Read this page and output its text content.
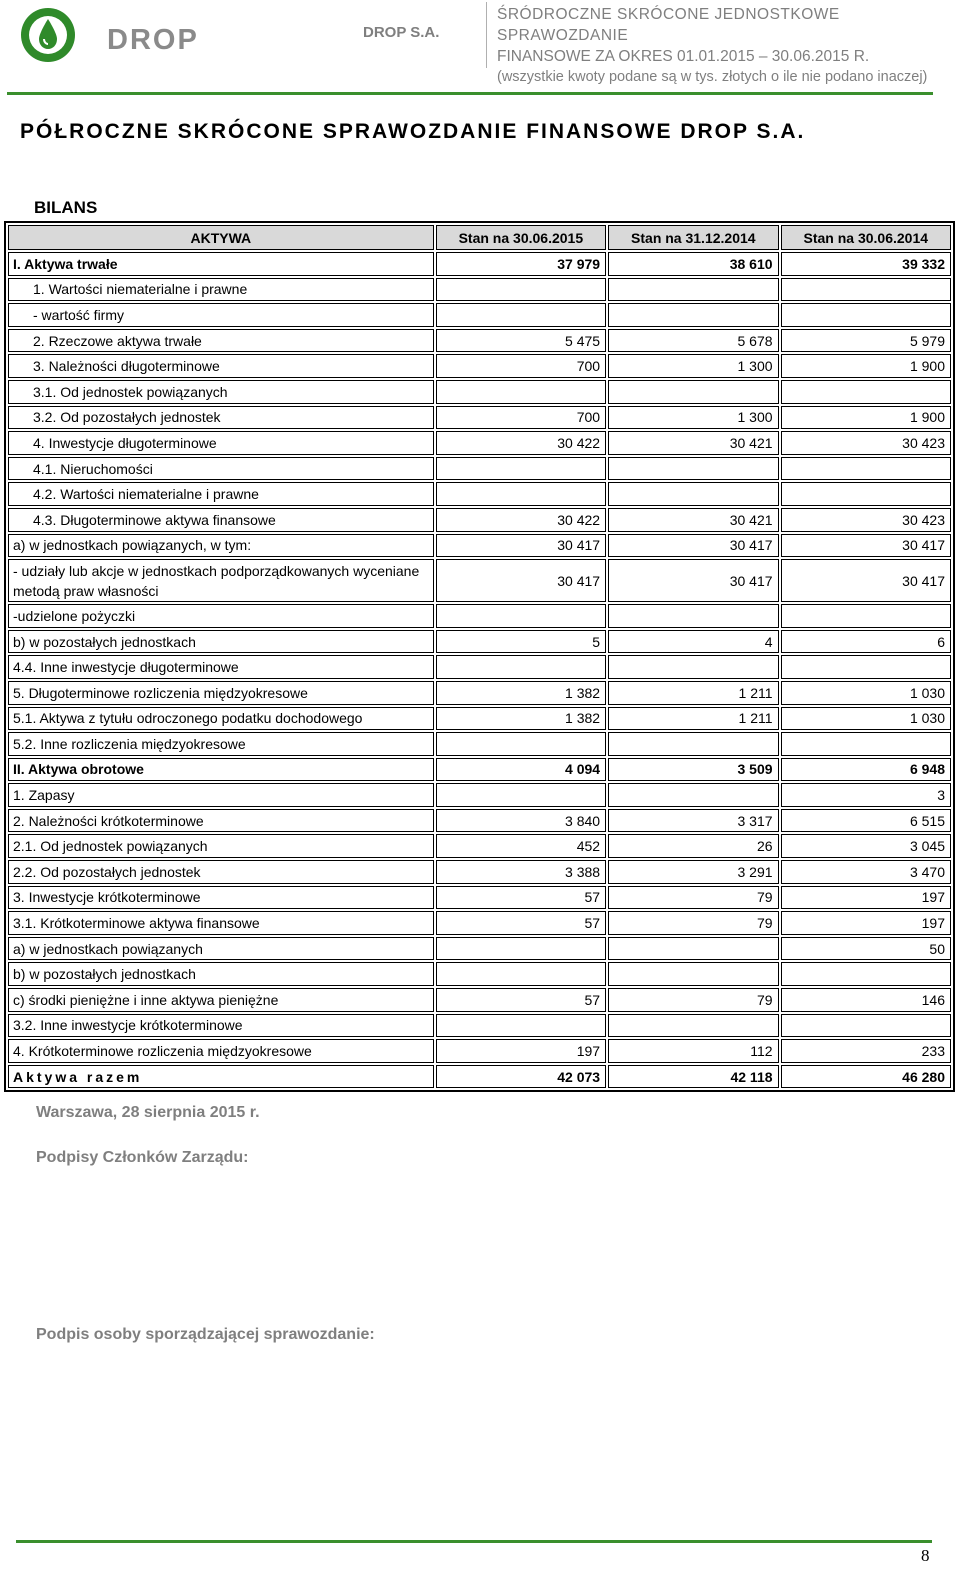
DROP	DROP S.A.
ŚRÓDROCZNE SKRÓCONE JEDNOSTKOWE SPRAWOZDANIE
FINANSOWE ZA OKRES 01.01.2015 – 30.06.2015 R.
(wszystkie kwoty podane są w tys. złotych o ile nie podano inaczej)
PÓŁROCZNE SKRÓCONE SPRAWOZDANIE FINANSOWE DROP S.A.
BILANS
AKTYWA	Stan na 30.06.2015	Stan na 31.12.2014	Stan na 30.06.2014
I. Aktywa trwałe	37 979	38 610	39 332
1. Wartości niematerialne i prawne			
- wartość firmy			
2. Rzeczowe aktywa trwałe	5 475	5 678	5 979
3. Należności długoterminowe	700	1 300	1 900
3.1. Od jednostek powiązanych			
3.2. Od pozostałych jednostek	700	1 300	1 900
4. Inwestycje długoterminowe	30 422	30 421	30 423
4.1. Nieruchomości			
4.2. Wartości niematerialne i prawne			
4.3. Długoterminowe aktywa finansowe	30 422	30 421	30 423
a) w jednostkach powiązanych, w tym:	30 417	30 417	30 417
- udziały lub akcje w jednostkach podporządkowanych wyceniane metodą praw własności	30 417	30 417	30 417
-udzielone pożyczki			
b) w pozostałych jednostkach	5	4	6
4.4. Inne inwestycje długoterminowe			
5. Długoterminowe rozliczenia międzyokresowe	1 382	1 211	1 030
5.1. Aktywa z tytułu odroczonego podatku dochodowego	1 382	1 211	1 030
5.2. Inne rozliczenia międzyokresowe			
II. Aktywa obrotowe	4 094	3 509	6 948
1. Zapasy			3
2. Należności krótkoterminowe	3 840	3 317	6 515
2.1. Od jednostek powiązanych	452	26	3 045
2.2. Od pozostałych jednostek	3 388	3 291	3 470
3. Inwestycje krótkoterminowe	57	79	197
3.1. Krótkoterminowe aktywa finansowe	57	79	197
a) w jednostkach powiązanych			50
b) w pozostałych jednostkach			
c) środki pieniężne i inne aktywa pieniężne	57	79	146
3.2. Inne inwestycje krótkoterminowe			
4. Krótkoterminowe rozliczenia międzyokresowe	197	112	233
Aktywa razem	42 073	42 118	46 280
Warszawa, 28 sierpnia 2015 r.
Podpisy Członków Zarządu:
Podpis osoby sporządzającej sprawozdanie:
8
